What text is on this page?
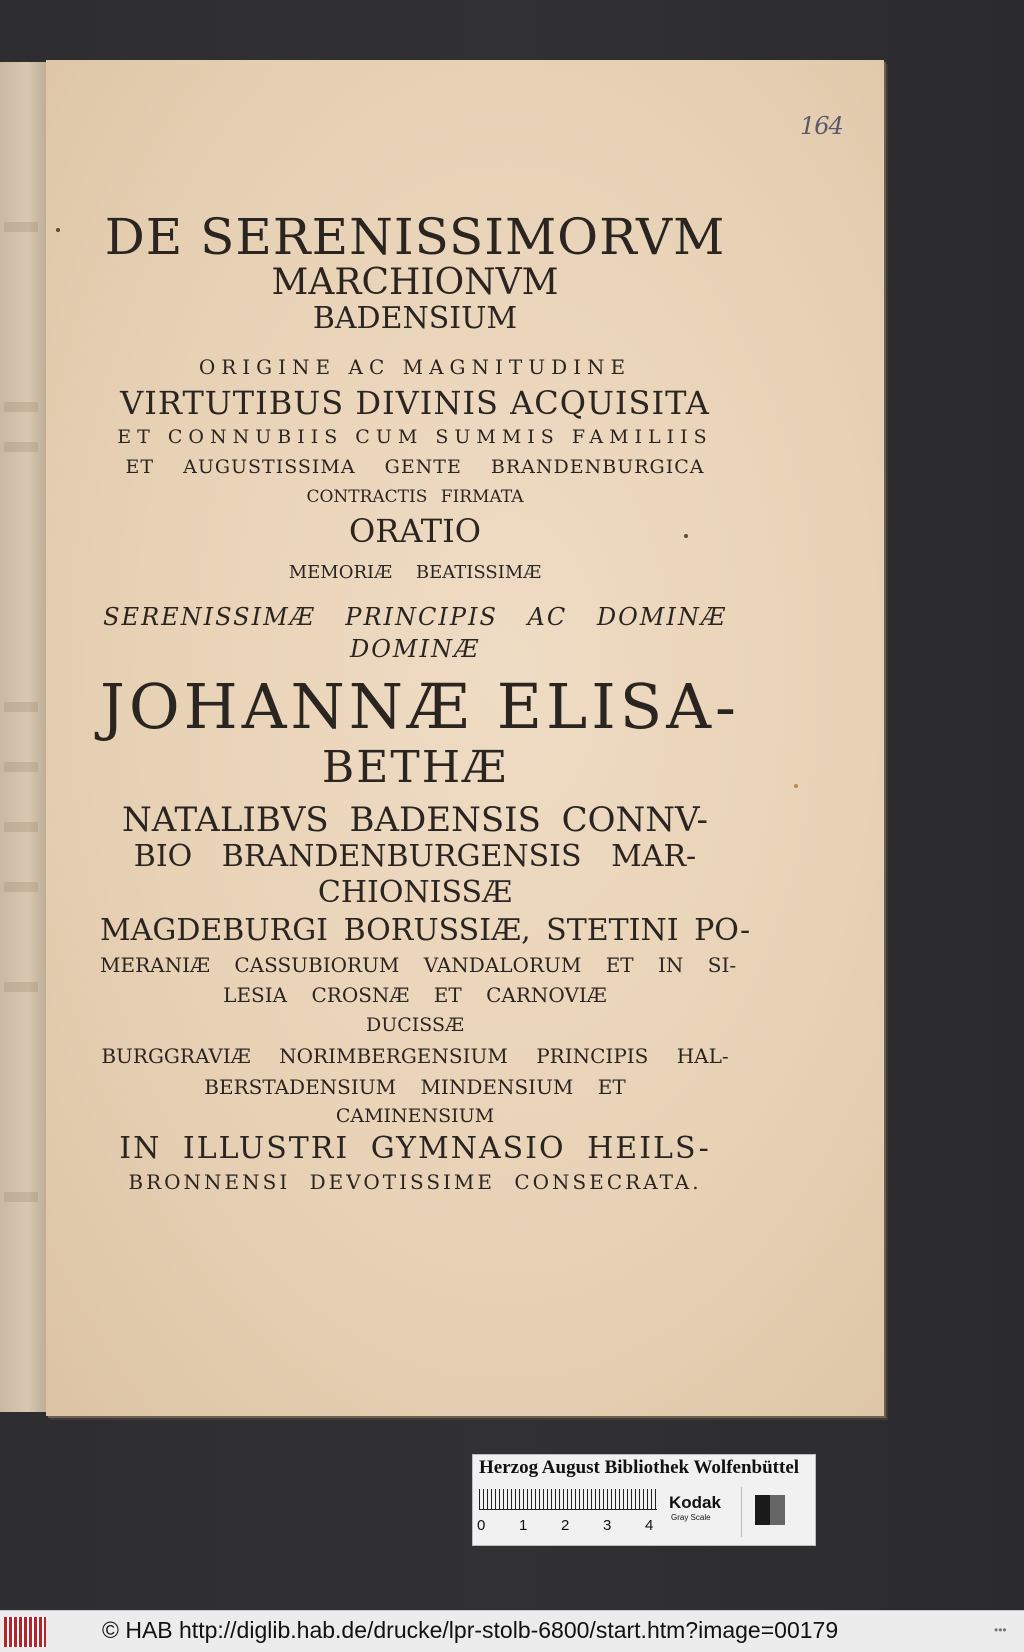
164
DE SERENISSIMORVM
MARCHIONVM
BADENSIUM
ORIGINE AC MAGNITUDINE
VIRTUTIBUS DIVINIS ACQUISITA
ET CONNUBIIS CUM SUMMIS FAMILIIS
ET AUGUSTISSIMA GENTE BRANDENBURGICA
CONTRACTIS FIRMATA
ORATIO
MEMORIÆ BEATISSIMÆ
SERENISSIMÆ PRINCIPIS AC DOMINÆ
DOMINÆ
JOHANNÆ ELISA-
BETHÆ
NATALIBVS BADENSIS CONNV-
BIO BRANDENBURGENSIS MAR-
CHIONISSÆ
MAGDEBURGI BORUSSIÆ, STETINI PO-
MERANIÆ CASSUBIORUM VANDALORUM ET IN SI-
LESIA CROSNÆ ET CARNOVIÆ
DUCISSÆ
BURGGRAVIÆ NORIMBERGENSIUM PRINCIPIS HAL-
BERSTADENSIUM MINDENSIUM ET
CAMINENSIUM
IN ILLUSTRI GYMNASIO HEILS-
BRONNENSI DEVOTISSIME CONSECRATA.
Herzog August Bibliothek Wolfenbüttel
0 1 2 3 4
Kodak
Gray Scale
© HAB http://diglib.hab.de/drucke/lpr-stolb-6800/start.htm?image=00179	•••
